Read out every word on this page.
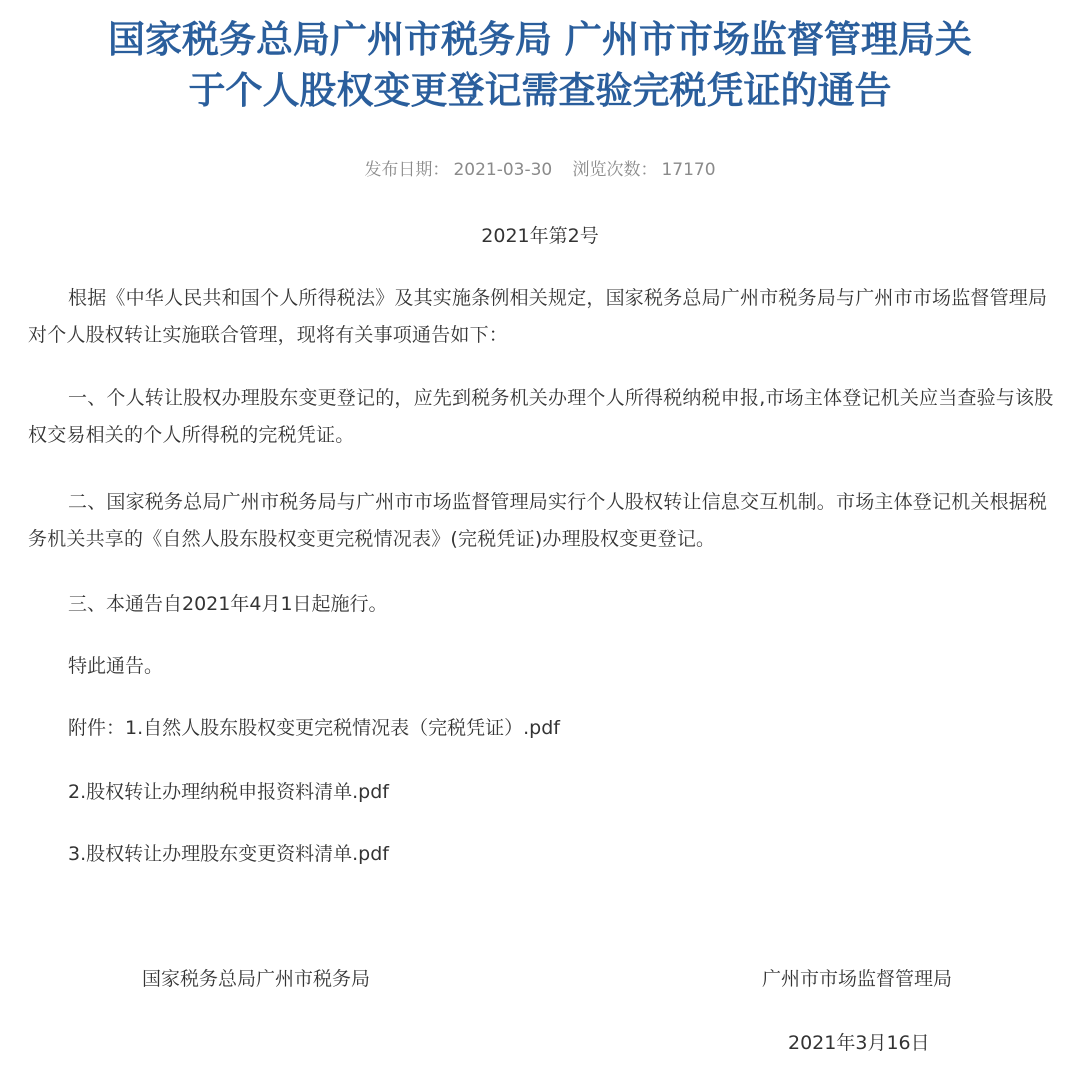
国家税务总局广州市税务局 广州市市场监督管理局关
于个人股权变更登记需查验完税凭证的通告
发布日期： 2021-03-30 浏览次数： 17170
2021年第2号

根据《中华人民共和国个人所得税法》及其实施条例相关规定，国家税务总局广州市税务局与广州市市场监督管理局对个人股权转让实施联合管理，现将有关事项通告如下：

一、个人转让股权办理股东变更登记的，应先到税务机关办理个人所得税纳税申报,市场主体登记机关应当查验与该股权交易相关的个人所得税的完税凭证。

二、国家税务总局广州市税务局与广州市市场监督管理局实行个人股权转让信息交互机制。市场主体登记机关根据税务机关共享的《自然人股东股权变更完税情况表》(完税凭证)办理股权变更登记。

三、本通告自2021年4月1日起施行。

特此通告。

附件：1.自然人股东股权变更完税情况表（完税凭证）.pdf

2.股权转让办理纳税申报资料清单.pdf

3.股权转让办理股东变更资料清单.pdf

国家税务总局广州市税务局	广州市市场监督管理局
2021年3月16日
